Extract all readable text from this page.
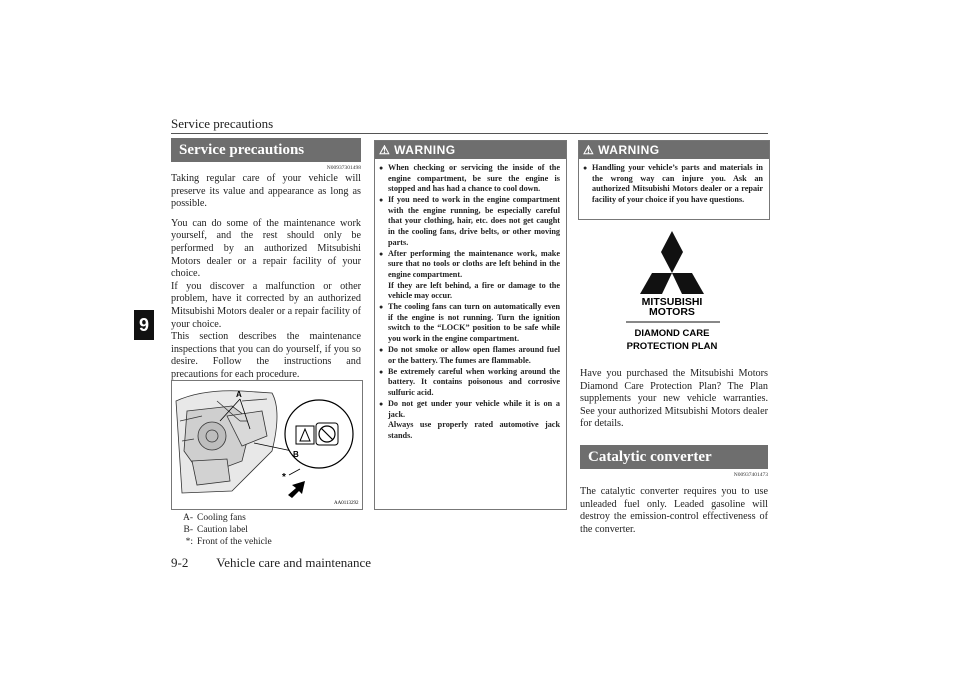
Service precautions
9
Service precautions
N00937301498
Taking regular care of your vehicle will preserve its value and appearance as long as possible.
You can do some of the maintenance work yourself, and the rest should only be performed by an authorized Mitsubishi Motors dealer or a repair facility of your choice.
If you discover a malfunction or other problem, have it corrected by an authorized Mitsubishi Motors dealer or a repair facility of your choice.
This section describes the maintenance inspections that you can do yourself, if you so desire. Follow the instructions and precautions for each procedure.
A
B
*
AA0113292
A- Cooling fans
B- Caution label
*: Front of the vehicle
⚠ WARNING
● When checking or servicing the inside of the engine compartment, be sure the engine is stopped and has had a chance to cool down.
● If you need to work in the engine compartment with the engine running, be especially careful that your clothing, hair, etc. does not get caught in the cooling fans, drive belts, or other moving parts.
● After performing the maintenance work, make sure that no tools or cloths are left behind in the engine compartment.
If they are left behind, a fire or damage to the vehicle may occur.
● The cooling fans can turn on automatically even if the engine is not running. Turn the ignition switch to the “LOCK” position to be safe while you work in the engine compartment.
● Do not smoke or allow open flames around fuel or the battery. The fumes are flammable.
● Be extremely careful when working around the battery. It contains poisonous and corrosive sulfuric acid.
● Do not get under your vehicle while it is on a jack.
Always use properly rated automotive jack stands.
⚠ WARNING
● Handling your vehicle’s parts and materials in the wrong way can injure you. Ask an authorized Mitsubishi Motors dealer or a repair facility of your choice if you have questions.
MITSUBISHI
MOTORS
DIAMOND CARE
PROTECTION PLAN
Have you purchased the Mitsubishi Motors Diamond Care Protection Plan? The Plan supplements your new vehicle warranties. See your authorized Mitsubishi Motors dealer for details.
Catalytic converter
N00937401473
The catalytic converter requires you to use unleaded fuel only. Leaded gasoline will destroy the emission-control effectiveness of the converter.
9-2 Vehicle care and maintenance
